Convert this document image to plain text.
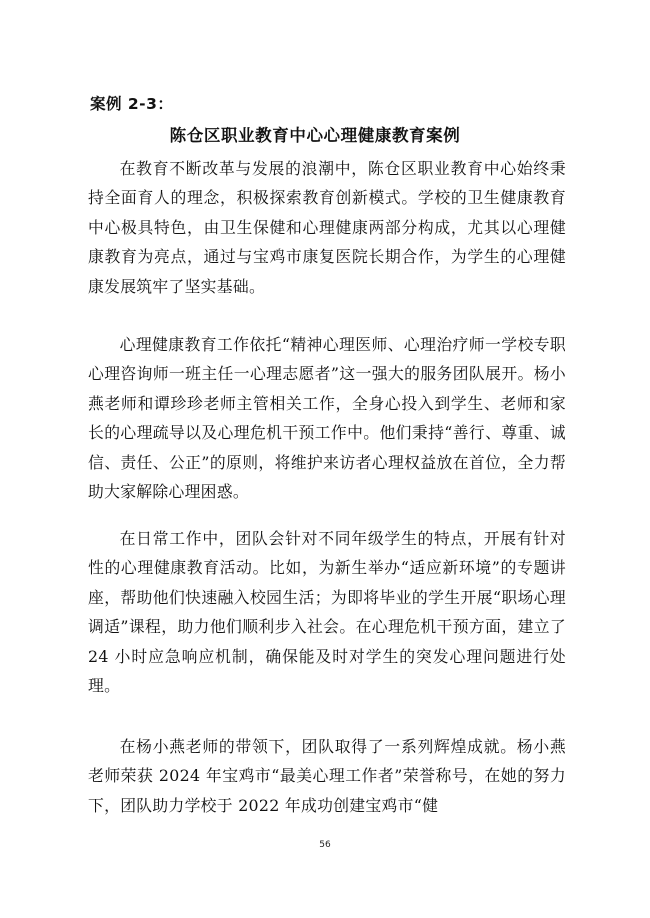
案例 2-3：
陈仓区职业教育中心心理健康教育案例

在教育不断改革与发展的浪潮中，陈仓区职业教育中心始终秉持全面育人的理念，积极探索教育创新模式。学校的卫生健康教育中心极具特色，由卫生保健和心理健康两部分构成，尤其以心理健康教育为亮点，通过与宝鸡市康复医院长期合作，为学生的心理健康发展筑牢了坚实基础。

心理健康教育工作依托“精神心理医师、心理治疗师一学校专职心理咨询师一班主任一心理志愿者”这一强大的服务团队展开。杨小燕老师和谭珍珍老师主管相关工作，全身心投入到学生、老师和家长的心理疏导以及心理危机干预工作中。他们秉持“善行、尊重、诚信、责任、公正”的原则，将维护来访者心理权益放在首位，全力帮助大家解除心理困惑。

在日常工作中，团队会针对不同年级学生的特点，开展有针对性的心理健康教育活动。比如，为新生举办“适应新环境”的专题讲座，帮助他们快速融入校园生活；为即将毕业的学生开展“职场心理调适”课程，助力他们顺利步入社会。在心理危机干预方面，建立了 24 小时应急响应机制，确保能及时对学生的突发心理问题进行处理。

在杨小燕老师的带领下，团队取得了一系列辉煌成就。杨小燕老师荣获 2024 年宝鸡市“最美心理工作者”荣誉称号，在她的努力下，团队助力学校于 2022 年成功创建宝鸡市“健

56
